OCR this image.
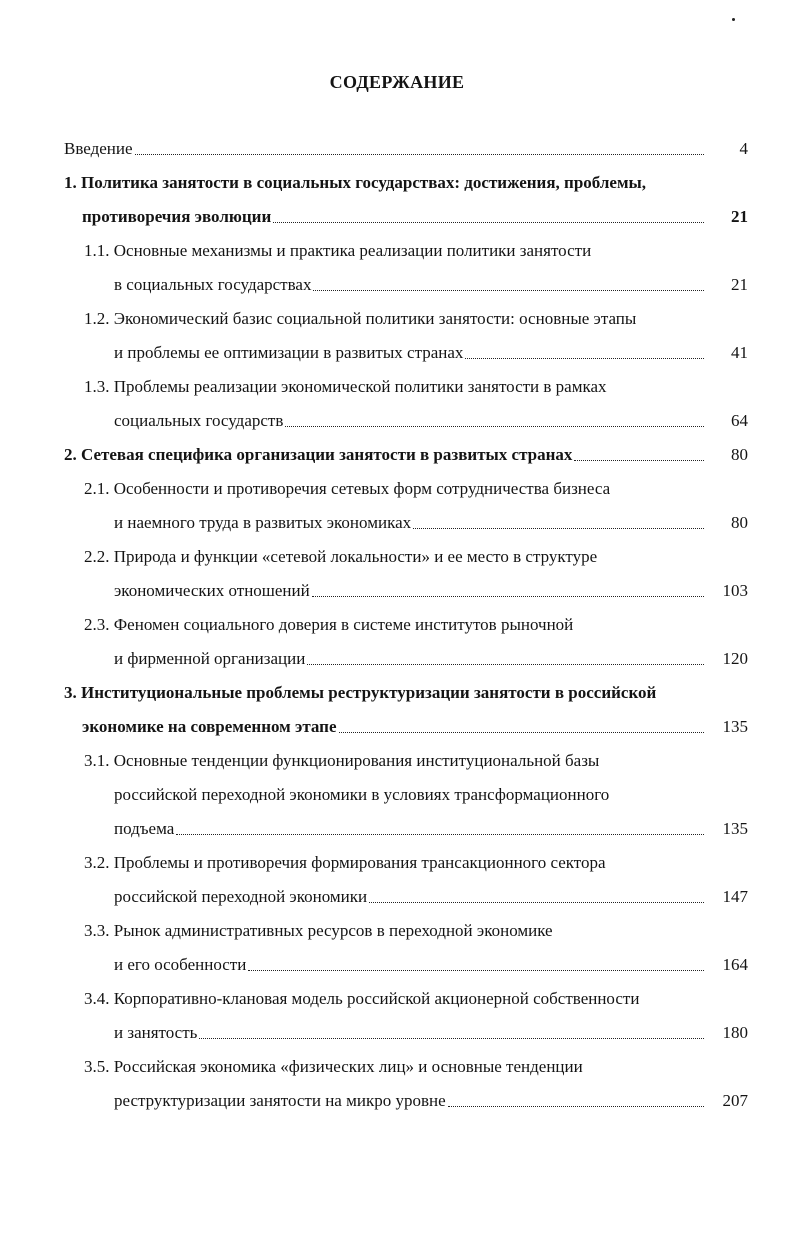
СОДЕРЖАНИЕ
4
Введение
1. Политика занятости в социальных государствах: достижения, проблемы,
21
противоречия эволюции
1.1. Основные механизмы и практика реализации политики занятости
21
в социальных государствах
1.2. Экономический базис социальной политики занятости: основные этапы
41
и проблемы ее оптимизации в развитых странах
1.3. Проблемы реализации экономической политики занятости в рамках
64
социальных государств
80
2. Сетевая специфика организации занятости в развитых странах
2.1. Особенности и противоречия сетевых форм сотрудничества бизнеса
80
и наемного труда в развитых экономиках
2.2. Природа и функции «сетевой локальности» и ее место в структуре
103
экономических отношений
2.3. Феномен социального доверия в системе институтов рыночной
120
и фирменной организации
3. Институциональные проблемы реструктуризации занятости в российской
135
экономике на современном этапе
3.1. Основные тенденции функционирования институциональной базы
российской переходной экономики в условиях трансформационного
135
подъема
3.2. Проблемы и противоречия формирования трансакционного сектора
147
российской переходной экономики
3.3. Рынок административных ресурсов в переходной экономике
164
и его особенности
3.4. Корпоративно-клановая модель российской акционерной собственности
180
и занятость
3.5. Российская экономика «физических лиц» и основные тенденции
207
реструктуризации занятости на микро уровне
